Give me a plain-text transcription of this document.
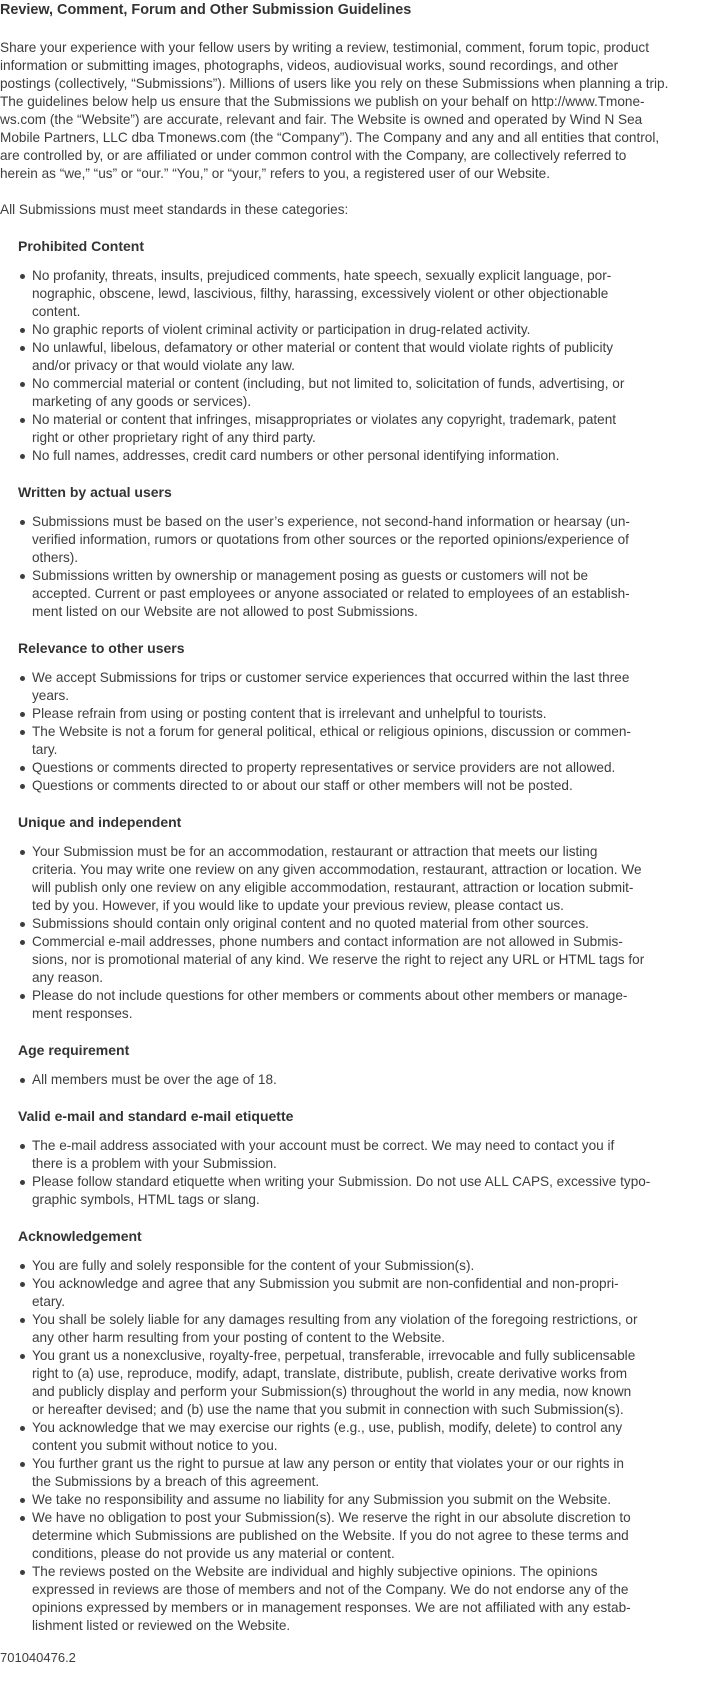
Review, Comment, Forum and Other Submission Guidelines

Share your experience with your fellow users by writing a review, testimonial, comment, forum topic, product
information or submitting images, photographs, videos, audiovisual works, sound recordings, and other
postings (collectively, “Submissions”). Millions of users like you rely on these Submissions when planning a trip.
The guidelines below help us ensure that the Submissions we publish on your behalf on http://www.Tmone-
ws.com (the “Website”) are accurate, relevant and fair. The Website is owned and operated by Wind N Sea
Mobile Partners, LLC dba Tmonews.com (the “Company”). The Company and any and all entities that control,
are controlled by, or are affiliated or under common control with the Company, are collectively referred to
herein as “we,” “us” or “our.” “You,” or “your,” refers to you, a registered user of our Website.

All Submissions must meet standards in these categories:

Prohibited Content
No profanity, threats, insults, prejudiced comments, hate speech, sexually explicit language, por-
nographic, obscene, lewd, lascivious, filthy, harassing, excessively violent or other objectionable
content.
No graphic reports of violent criminal activity or participation in drug-related activity.
No unlawful, libelous, defamatory or other material or content that would violate rights of publicity
and/or privacy or that would violate any law.
No commercial material or content (including, but not limited to, solicitation of funds, advertising, or
marketing of any goods or services).
No material or content that infringes, misappropriates or violates any copyright, trademark, patent
right or other proprietary right of any third party.
No full names, addresses, credit card numbers or other personal identifying information.
Written by actual users
Submissions must be based on the user’s experience, not second-hand information or hearsay (un-
verified information, rumors or quotations from other sources or the reported opinions/experience of
others).
Submissions written by ownership or management posing as guests or customers will not be
accepted. Current or past employees or anyone associated or related to employees of an establish-
ment listed on our Website are not allowed to post Submissions.
Relevance to other users
We accept Submissions for trips or customer service experiences that occurred within the last three
years.
Please refrain from using or posting content that is irrelevant and unhelpful to tourists.
The Website is not a forum for general political, ethical or religious opinions, discussion or commen-
tary.
Questions or comments directed to property representatives or service providers are not allowed.
Questions or comments directed to or about our staff or other members will not be posted.
Unique and independent
Your Submission must be for an accommodation, restaurant or attraction that meets our listing
criteria. You may write one review on any given accommodation, restaurant, attraction or location. We
will publish only one review on any eligible accommodation, restaurant, attraction or location submit-
ted by you. However, if you would like to update your previous review, please contact us.
Submissions should contain only original content and no quoted material from other sources.
Commercial e-mail addresses, phone numbers and contact information are not allowed in Submis-
sions, nor is promotional material of any kind. We reserve the right to reject any URL or HTML tags for
any reason.
Please do not include questions for other members or comments about other members or manage-
ment responses.
Age requirement
All members must be over the age of 18.
Valid e-mail and standard e-mail etiquette
The e-mail address associated with your account must be correct. We may need to contact you if
there is a problem with your Submission.
Please follow standard etiquette when writing your Submission. Do not use ALL CAPS, excessive typo-
graphic symbols, HTML tags or slang.
Acknowledgement
You are fully and solely responsible for the content of your Submission(s).
You acknowledge and agree that any Submission you submit are non-confidential and non-propri-
etary.
You shall be solely liable for any damages resulting from any violation of the foregoing restrictions, or
any other harm resulting from your posting of content to the Website.
You grant us a nonexclusive, royalty-free, perpetual, transferable, irrevocable and fully sublicensable
right to (a) use, reproduce, modify, adapt, translate, distribute, publish, create derivative works from
and publicly display and perform your Submission(s) throughout the world in any media, now known
or hereafter devised; and (b) use the name that you submit in connection with such Submission(s).
You acknowledge that we may exercise our rights (e.g., use, publish, modify, delete) to control any
content you submit without notice to you.
You further grant us the right to pursue at law any person or entity that violates your or our rights in
the Submissions by a breach of this agreement.
We take no responsibility and assume no liability for any Submission you submit on the Website.
We have no obligation to post your Submission(s). We reserve the right in our absolute discretion to
determine which Submissions are published on the Website. If you do not agree to these terms and
conditions, please do not provide us any material or content.
The reviews posted on the Website are individual and highly subjective opinions. The opinions
expressed in reviews are those of members and not of the Company. We do not endorse any of the
opinions expressed by members or in management responses. We are not affiliated with any estab-
lishment listed or reviewed on the Website.

701040476.2
